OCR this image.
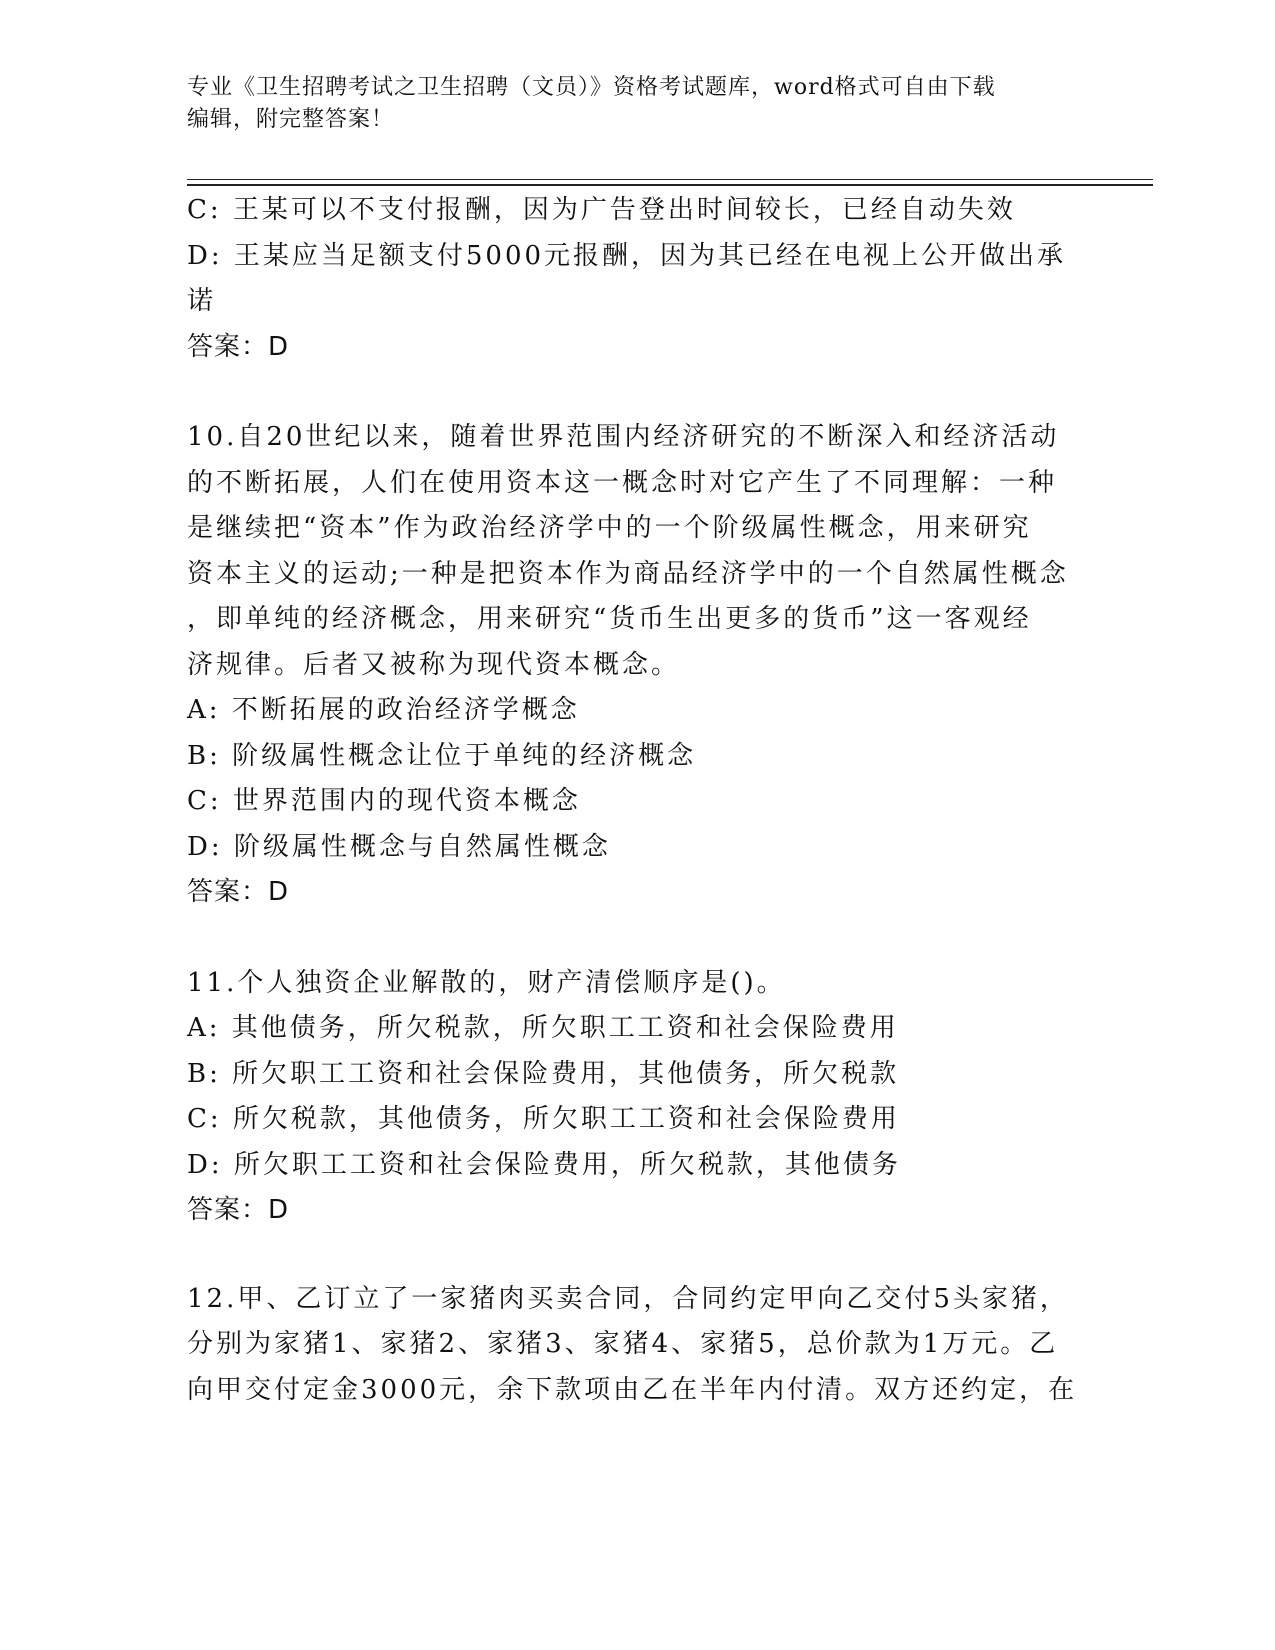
专业《卫生招聘考试之卫生招聘（文员）》资格考试题库，word格式可自由下载
编辑，附完整答案！
C: 王某可以不支付报酬，因为广告登出时间较长，已经自动失效
D: 王某应当足额支付5000元报酬，因为其已经在电视上公开做出承
诺
答案：D
10.自20世纪以来，随着世界范围内经济研究的不断深入和经济活动
的不断拓展，人们在使用资本这一概念时对它产生了不同理解：一种
是继续把“资本”作为政治经济学中的一个阶级属性概念，用来研究
资本主义的运动;一种是把资本作为商品经济学中的一个自然属性概念
，即单纯的经济概念，用来研究“货币生出更多的货币”这一客观经
济规律。后者又被称为现代资本概念。
A: 不断拓展的政治经济学概念
B: 阶级属性概念让位于单纯的经济概念
C: 世界范围内的现代资本概念
D: 阶级属性概念与自然属性概念
答案：D
11.个人独资企业解散的，财产清偿顺序是()。
A: 其他债务，所欠税款，所欠职工工资和社会保险费用
B: 所欠职工工资和社会保险费用，其他债务，所欠税款
C: 所欠税款，其他债务，所欠职工工资和社会保险费用
D: 所欠职工工资和社会保险费用，所欠税款，其他债务
答案：D
12.甲、乙订立了一家猪肉买卖合同，合同约定甲向乙交付5头家猪，
分别为家猪1、家猪2、家猪3、家猪4、家猪5，总价款为1万元。乙
向甲交付定金3000元，余下款项由乙在半年内付清。双方还约定，在
